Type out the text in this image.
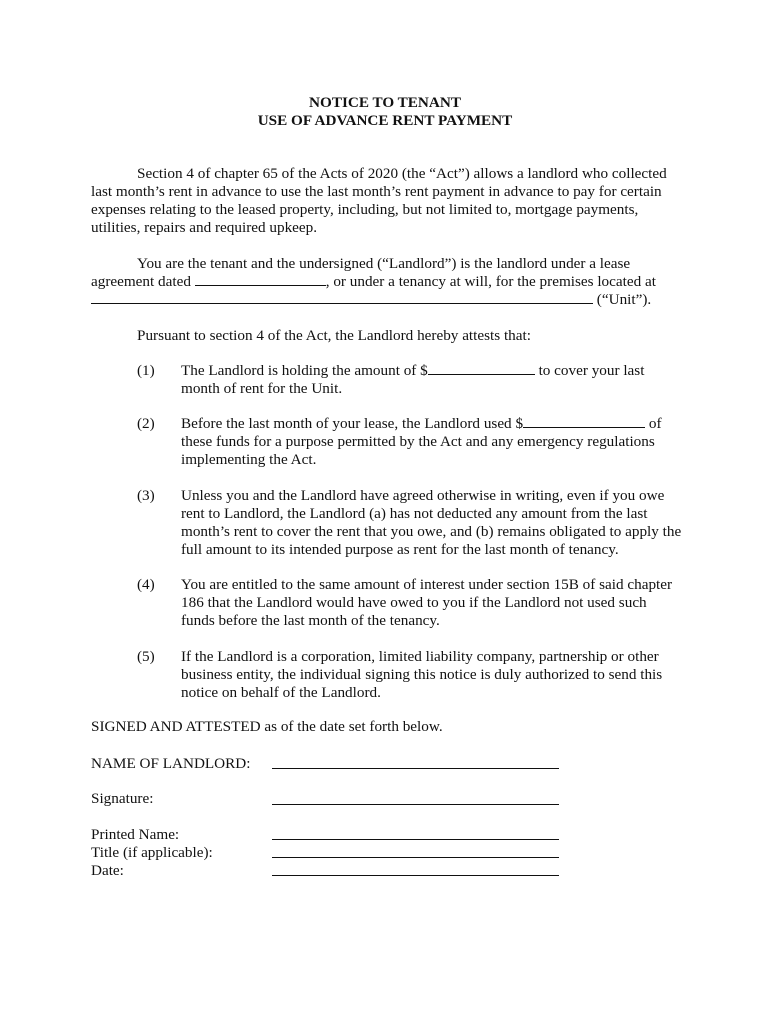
NOTICE TO TENANT
USE OF ADVANCE RENT PAYMENT
Section 4 of chapter 65 of the Acts of 2020 (the “Act”) allows a landlord who collected
last month’s rent in advance to use the last month’s rent payment in advance to pay for certain
expenses relating to the leased property, including, but not limited to, mortgage payments,
utilities, repairs and required upkeep.
You are the tenant and the undersigned (“Landlord”) is the landlord under a lease
agreement dated	, or under a tenancy at will, for the premises located at
(“Unit”).
Pursuant to section 4 of the Act, the Landlord hereby attests that:
(1) The Landlord is holding the amount of $	to cover your last
month of rent for the Unit.
(2) Before the last month of your lease, the Landlord used $	of
these funds for a purpose permitted by the Act and any emergency regulations
implementing the Act.
(3) Unless you and the Landlord have agreed otherwise in writing, even if you owe
rent to Landlord, the Landlord (a) has not deducted any amount from the last
month’s rent to cover the rent that you owe, and (b) remains obligated to apply the
full amount to its intended purpose as rent for the last month of tenancy.
(4) You are entitled to the same amount of interest under section 15B of said chapter
186 that the Landlord would have owed to you if the Landlord not used such
funds before the last month of the tenancy.
(5) If the Landlord is a corporation, limited liability company, partnership or other
business entity, the individual signing this notice is duly authorized to send this
notice on behalf of the Landlord.
SIGNED AND ATTESTED as of the date set forth below.
NAME OF LANDLORD:
Signature:
Printed Name:
Title (if applicable):
Date:
